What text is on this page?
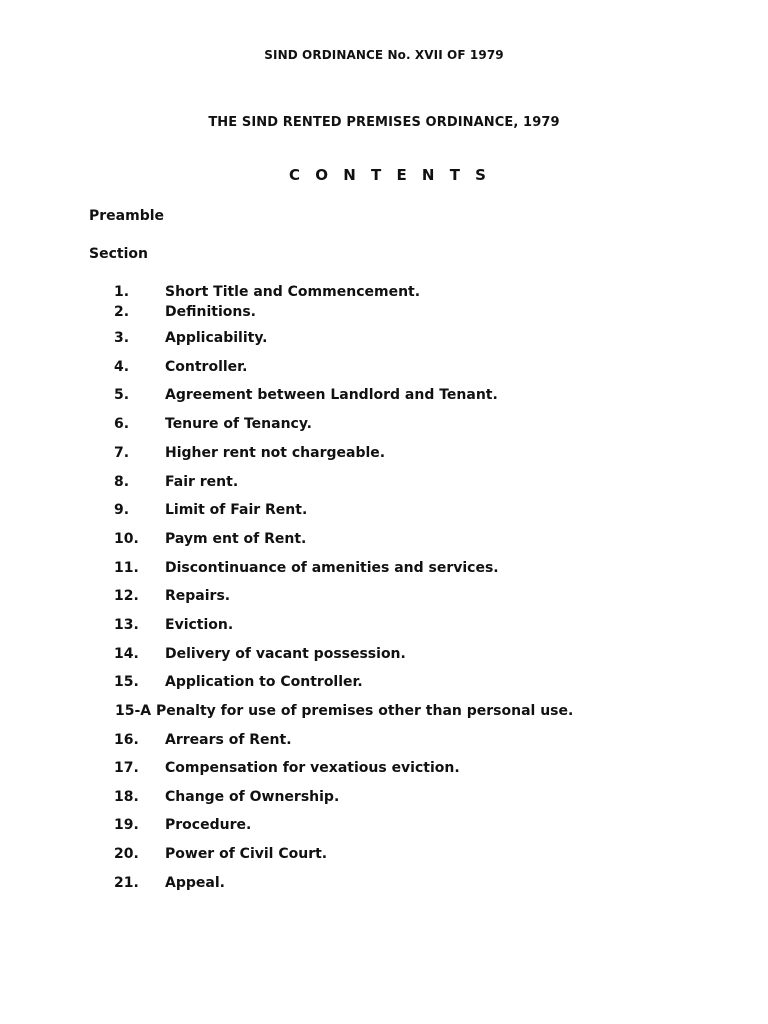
SIND ORDINANCE No. XVII OF 1979
THE SIND RENTED PREMISES ORDINANCE, 1979
C O N T E N T S
Preamble
Section
1.	Short Title and Commencement.
2.	Definitions.
3.	Applicability.
4.	Controller.
5.	Agreement between Landlord and Tenant.
6.	Tenure of Tenancy.
7.	Higher rent not chargeable.
8.	Fair rent.
9.	Limit of Fair Rent.
10. Paym ent of Rent.
11. Discontinuance of amenities and services.
12. Repairs.
13. Eviction.
14. Delivery of vacant possession.
15. Application to Controller.
15-A Penalty for use of premises other than personal use.
16. Arrears of Rent.
17. Compensation for vexatious eviction.
18. Change of Ownership.
19. Procedure.
20. Power of Civil Court.
21. Appeal.
